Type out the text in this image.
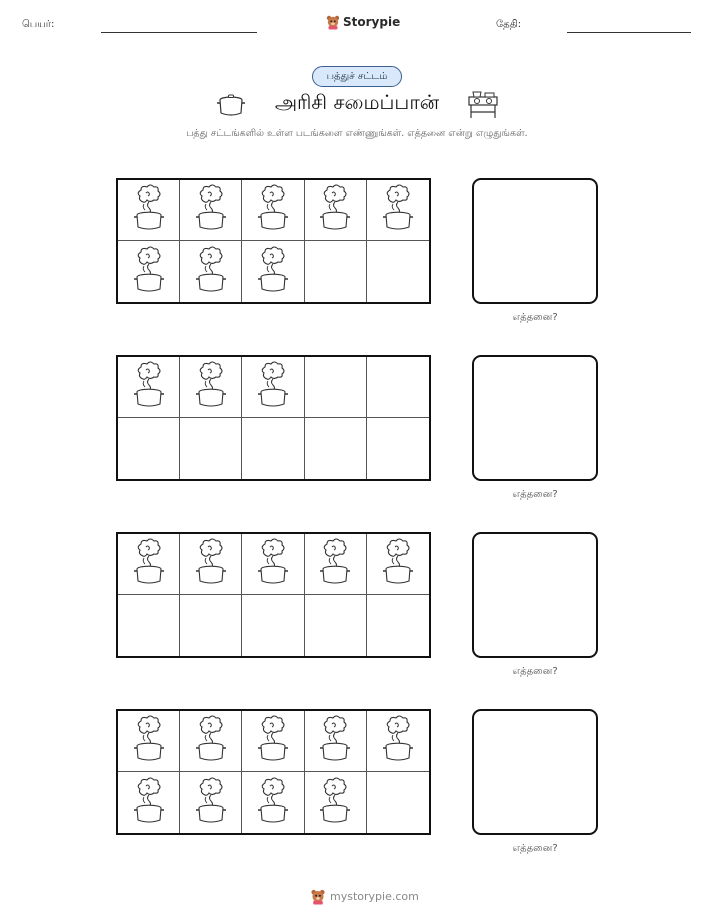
பெயர்:	Storypie	தேதி:
பத்துச் சட்டம்
அரிசி சமைப்பான்
பத்து சட்டங்களில் உள்ள படங்களை எண்ணுங்கள். எத்தனை என்று எழுதுங்கள்.
எத்தனை?
எத்தனை?
எத்தனை?
எத்தனை?
mystorypie.com
